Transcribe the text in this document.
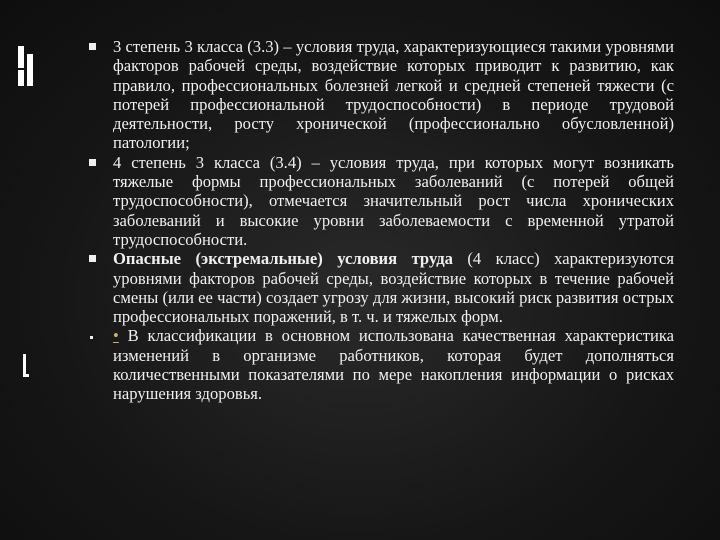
3 степень 3 класса (3.3) – условия труда, характеризующиеся такими уровнями факторов рабочей среды, воздействие которых приводит к развитию, как правило, профессиональных болезней легкой и средней степеней тяжести (с потерей профессиональной трудоспособности) в периоде трудовой деятельности, росту хронической (профессионально обусловленной) патологии;

4 степень 3 класса (3.4) – условия труда, при которых могут возникать тяжелые формы профессиональных заболеваний (с потерей общей трудоспособности), отмечается значительный рост числа хронических заболеваний и высокие уровни заболеваемости с временной утратой трудоспособности.

Опасные (экстремальные) условия труда (4 класс) характеризуются уровнями факторов рабочей среды, воздействие которых в течение рабочей смены (или ее части) создает угрозу для жизни, высокий риск развития острых профессиональных поражений, в т. ч. и тяжелых форм.

• В классификации в основном использована качественная характеристика изменений в организме работников, которая будет дополняться количественными показателями по мере накопления информации о рисках нарушения здоровья.
